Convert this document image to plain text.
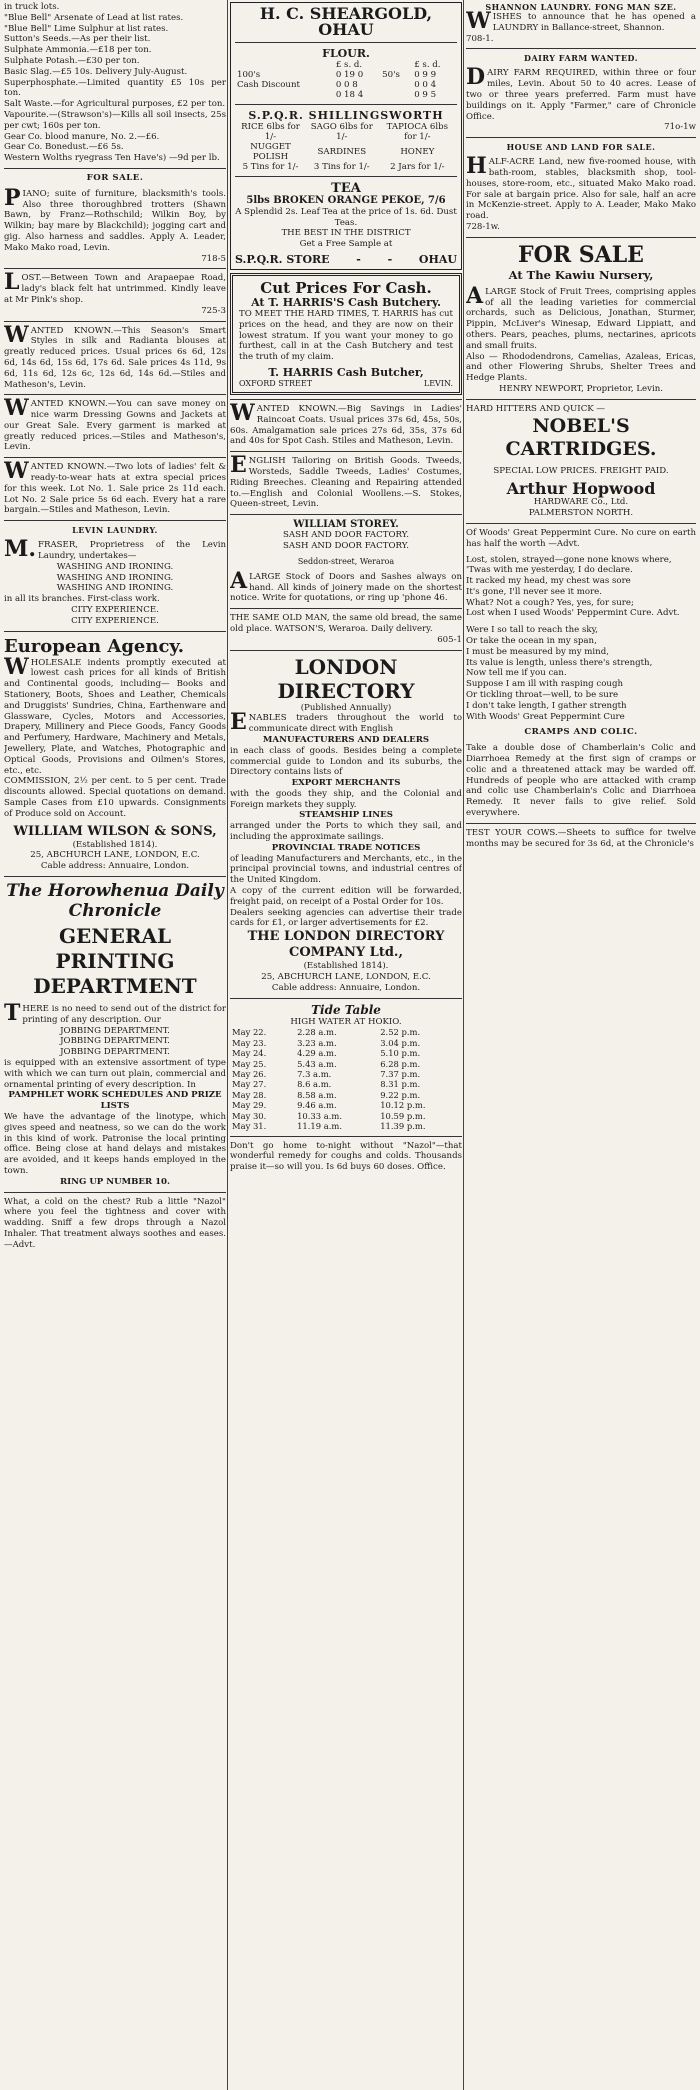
in truck lots.

"Blue Bell" Arsenate of Lead at list rates.

"Blue Bell" Lime Sulphur at list rates.

Sutton's Seeds.—As per their list.

Sulphate Ammonia.—£18 per ton.

Sulphate Potash.—£30 per ton.

Basic Slag.—£5 10s. Delivery July-August.

Superphosphate.—Limited quantity £5 10s per ton.

Salt Waste.—for Agricultural purposes, £2 per ton.

Vapourite.—(Strawson's)—Kills all soil insects, 25s per cwt; 160s per ton.

Gear Co. blood manure, No. 2.—£6.

Gear Co. Bonedust.—£6 5s.

Western Wolths ryegrass Ten Have's) —9d per lb.

FOR SALE.

PIANO; suite of furniture, blacksmith's tools. Also three thoroughbred trotters (Shawn Bawn, by Franz—Rothschild; Wilkin Boy, by Wilkin; bay mare by Blackchild); jogging cart and gig. Also harness and saddles. Apply A. Leader, Mako Mako road, Levin.

718-5

LOST.—Between Town and Arapaepae Road, lady's black felt hat untrimmed. Kindly leave at Mr Pink's shop.

725-3

WANTED KNOWN.—This Season's Smart Styles in silk and Radianta blouses at greatly reduced prices. Usual prices 6s 6d, 12s 6d, 14s 6d, 15s 6d, 17s 6d. Sale prices 4s 11d, 9s 6d, 11s 6d, 12s 6c, 12s 6d, 14s 6d.—Stiles and Matheson's, Levin.

WANTED KNOWN.—You can save money on nice warm Dressing Gowns and Jackets at our Great Sale. Every garment is marked at greatly reduced prices.—Stiles and Matheson's, Levin.

WANTED KNOWN.—Two lots of ladies' felt & ready-to-wear hats at extra special prices for this week. Lot No. 1. Sale price 2s 11d each. Lot No. 2 Sale price 5s 6d each. Every hat a rare bargain.—Stiles and Matheson, Levin.

LEVIN LAUNDRY.

M.FRASER, Proprietress of the Levin Laundry, undertakes—

WASHING AND IRONING.

WASHING AND IRONING.

WASHING AND IRONING.

in all its branches. First-class work.

CITY EXPERIENCE.

CITY EXPERIENCE.

European Agency.

WHOLESALE indents promptly executed at lowest cash prices for all kinds of British and Continental goods, including— Books and Stationery, Boots, Shoes and Leather, Chemicals and Druggists' Sundries, China, Earthenware and Glassware, Cycles, Motors and Accessories, Drapery, Millinery and Piece Goods, Fancy Goods and Perfumery, Hardware, Machinery and Metals, Jewellery, Plate, and Watches, Photographic and Optical Goods, Provisions and Oilmen's Stores, etc., etc.

COMMISSION, 2½ per cent. to 5 per cent. Trade discounts allowed. Special quotations on demand. Sample Cases from £10 upwards. Consignments of Produce sold on Account.

WILLIAM WILSON & SONS,

(Established 1814).

25, ABCHURCH LANE, LONDON, E.C.

Cable address: Annuaire, London.

The Horowhenua Daily Chronicle
GENERAL PRINTING DEPARTMENT

THERE is no need to send out of the district for printing of any description. Our

JOBBING DEPARTMENT.

JOBBING DEPARTMENT.

JOBBING DEPARTMENT.

is equipped with an extensive assortment of type with which we can turn out plain, commercial and ornamental printing of every description. In

PAMPHLET WORK SCHEDULES AND PRIZE LISTS

We have the advantage of the linotype, which gives speed and neatness, so we can do the work in this kind of work. Patronise the local printing office. Being close at hand delays and mistakes are avoided, and it keeps hands employed in the town.

RING UP NUMBER 10.

What, a cold on the chest? Rub a little "Nazol" where you feel the tightness and cover with wadding. Sniff a few drops through a Nazol Inhaler. That treatment always soothes and eases.—Advt.

H. C. SHEARGOLD, OHAU
FLOUR.
	£ s. d.		£ s. d.
100's	0 19 0	50's	0 9 9
Cash Discount	0 0 8		0 0 4
	0 18 4		0 9 5
S.P.Q.R. SHILLINGSWORTH
RICE 6lbs for 1/-	SAGO 6lbs for 1/-	TAPIOCA 6lbs for 1/-
NUGGET POLISH	SARDINES	HONEY
5 Tins for 1/-	3 Tins for 1/-	2 Jars for 1/-
TEA

5lbs BROKEN ORANGE PEKOE, 7/6

A Splendid 2s. Leaf Tea at the price of 1s. 6d. Dust Teas.

THE BEST IN THE DISTRICT

Get a Free Sample at

S.P.Q.R. STORE - - OHAU
Cut Prices For Cash.
At T. HARRIS'S Cash Butchery.

TO MEET THE HARD TIMES, T. HARRIS has cut prices on the head, and they are now on their lowest stratum. If you want your money to go furthest, call in at the Cash Butchery and test the truth of my claim.

T. HARRIS Cash Butcher,
OXFORD STREET	LEVIN.

WANTED KNOWN.—Big Savings in Ladies' Raincoat Coats. Usual prices 37s 6d, 45s, 50s, 60s. Amalgamation sale prices 27s 6d, 35s, 37s 6d and 40s for Spot Cash. Stiles and Matheson, Levin.

ENGLISH Tailoring on British Goods. Tweeds, Worsteds, Saddle Tweeds, Ladies' Costumes, Riding Breeches. Cleaning and Repairing attended to.—English and Colonial Woollens.—S. Stokes, Queen-street, Levin.

WILLIAM STOREY.

SASH AND DOOR FACTORY.

SASH AND DOOR FACTORY.

Seddon-street, Weraroa

ALARGE Stock of Doors and Sashes always on hand. All kinds of joinery made on the shortest notice. Write for quotations, or ring up 'phone 46.

THE SAME OLD MAN, the same old bread, the same old place. WATSON'S, Weraroa. Daily delivery.

605-1

LONDON DIRECTORY

(Published Annually)

ENABLES traders throughout the world to communicate direct with English

MANUFACTURERS AND DEALERS

in each class of goods. Besides being a complete commercial guide to London and its suburbs, the Directory contains lists of

EXPORT MERCHANTS

with the goods they ship, and the Colonial and Foreign markets they supply.

STEAMSHIP LINES

arranged under the Ports to which they sail, and including the approximate sailings.

PROVINCIAL TRADE NOTICES

of leading Manufacturers and Merchants, etc., in the principal provincial towns, and industrial centres of the United Kingdom.

A copy of the current edition will be forwarded, freight paid, on receipt of a Postal Order for 10s.

Dealers seeking agencies can advertise their trade cards for £1, or larger advertisements for £2.

THE LONDON DIRECTORY COMPANY Ltd.,

(Established 1814).

25, ABCHURCH LANE, LONDON, E.C.

Cable address: Annuaire, London.

Tide Table

HIGH WATER AT HOKIO.

May 22.	2.28 a.m.	2.52 p.m.
May 23.	3.23 a.m.	3.04 p.m.
May 24.	4.29 a.m.	5.10 p.m.
May 25.	5.43 a.m.	6.28 p.m.
May 26.	7.3 a.m.	7.37 p.m.
May 27.	8.6 a.m.	8.31 p.m.
May 28.	8.58 a.m.	9.22 p.m.
May 29.	9.46 a.m.	10.12 p.m.
May 30.	10.33 a.m.	10.59 p.m.
May 31.	11.19 a.m.	11.39 p.m.

Don't go home to-night without "Nazol"—that wonderful remedy for coughs and colds. Thousands praise it—so will you. Is 6d buys 60 doses. Office.

SHANNON LAUNDRY. FONG MAN SZE.

WISHES to announce that he has opened a LAUNDRY in Ballance-street, Shannon.

708-1.

DAIRY FARM WANTED.

DAIRY FARM REQUIRED, within three or four miles, Levin. About 50 to 40 acres. Lease of two or three years preferred. Farm must have buildings on it. Apply "Farmer," care of Chronicle Office.

71o-1w

HOUSE AND LAND FOR SALE.

HALF-ACRE Land, new five-roomed house, with bath-room, stables, blacksmith shop, tool-houses, store-room, etc., situated Mako Mako road. For sale at bargain price. Also for sale, half an acre in McKenzie-street. Apply to A. Leader, Mako Mako road.

728-1w.

FOR SALE
At The Kawiu Nursery,

ALARGE Stock of Fruit Trees, comprising apples of all the leading varieties for commercial orchards, such as Delicious, Jonathan, Sturmer, Pippin, McLiver's Winesap, Edward Lippiatt, and others. Pears, peaches, plums, nectarines, apricots and small fruits.

Also — Rhododendrons, Camelias, Azaleas, Ericas, and other Flowering Shrubs, Shelter Trees and Hedge Plants.

HENRY NEWPORT, Proprietor, Levin.

HARD HITTERS AND QUICK —

NOBEL'S CARTRIDGES.

SPECIAL LOW PRICES. FREIGHT PAID.

Arthur Hopwood

HARDWARE Co., Ltd.

PALMERSTON NORTH.

Of Woods' Great Peppermint Cure. No cure on earth has half the worth —Advt.

Lost, stolen, strayed—gone none knows where,

'Twas with me yesterday, I do declare.

It racked my head, my chest was sore

It's gone, I'll never see it more.

What? Not a cough? Yes, yes, for sure;

Lost when I used Woods' Peppermint Cure. Advt.

Were I so tall to reach the sky,

Or take the ocean in my span,

I must be measured by my mind,

Its value is length, unless there's strength,

Now tell me if you can.

Suppose I am ill with rasping cough

Or tickling throat—well, to be sure

I don't take length, I gather strength

With Woods' Great Peppermint Cure

CRAMPS AND COLIC.

Take a double dose of Chamberlain's Colic and Diarrhoea Remedy at the first sign of cramps or colic and a threatened attack may be warded off. Hundreds of people who are attacked with cramp and colic use Chamberlain's Colic and Diarrhoea Remedy. It never fails to give relief. Sold everywhere.

TEST YOUR COWS.—Sheets to suffice for twelve months may be secured for 3s 6d, at the Chronicle's
